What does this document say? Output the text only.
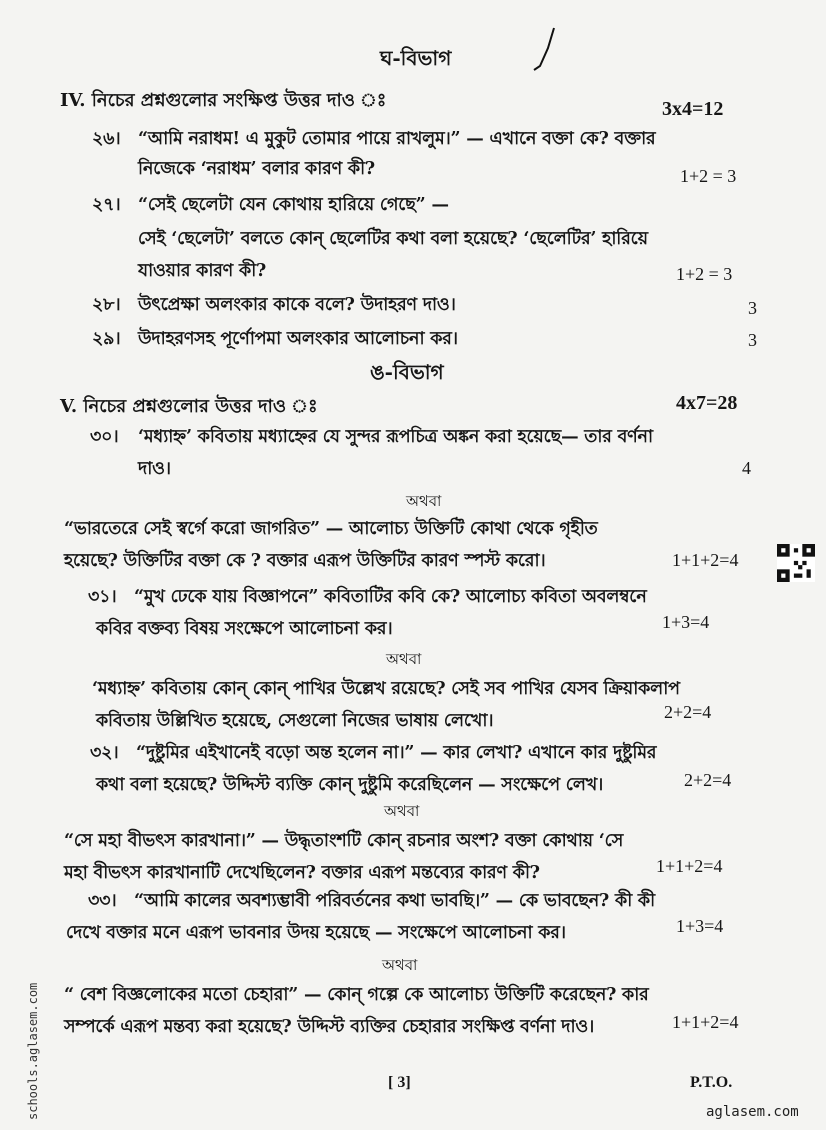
ঘ-বিভাগ
IV. নিচের প্রশ্নগুলোর সংক্ষিপ্ত উত্তর দাও ঃ	3x4=12
২৬। “আমি নরাধম! এ মুকুট তোমার পায়ে রাখলুম।” — এখানে বক্তা কে? বক্তার
নিজেকে ‘নরাধম’ বলার কারণ কী?	1+2 = 3
২৭। “সেই ছেলেটা যেন কোথায় হারিয়ে গেছে” —
সেই ‘ছেলেটা’ বলতে কোন্ ছেলেটির কথা বলা হয়েছে? ‘ছেলেটির’ হারিয়ে
যাওয়ার কারণ কী?	1+2 = 3
২৮। উৎপ্রেক্ষা অলংকার কাকে বলে? উদাহরণ দাও।	3
২৯। উদাহরণসহ পূর্ণোপমা অলংকার আলোচনা কর।	3
ঙ-বিভাগ
V. নিচের প্রশ্নগুলোর উত্তর দাও ঃ	4x7=28
৩০। ‘মধ্যাহ্ন’ কবিতায় মধ্যাহ্নের যে সুন্দর রূপচিত্র অঙ্কন করা হয়েছে— তার বর্ণনা
দাও।	4
অথবা
“ভারতেরে সেই স্বর্গে করো জাগরিত” — আলোচ্য উক্তিটি কোথা থেকে গৃহীত
হয়েছে? উক্তিটির বক্তা কে ? বক্তার এরূপ উক্তিটির কারণ স্পস্ট করো।	1+1+2=4
৩১। “মুখ ঢেকে যায় বিজ্ঞাপনে” কবিতাটির কবি কে? আলোচ্য কবিতা অবলম্বনে
কবির বক্তব্য বিষয় সংক্ষেপে আলোচনা কর।	1+3=4
অথবা
‘মধ্যাহ্ন’ কবিতায় কোন্ কোন্ পাখির উল্লেখ রয়েছে? সেই সব পাখির যেসব ক্রিয়াকলাপ
কবিতায় উল্লিখিত হয়েছে, সেগুলো নিজের ভাষায় লেখো।	2+2=4
৩২। “দুষ্টুমির এইখানেই বড়ো অন্ত হলেন না।” — কার লেখা? এখানে কার দুষ্টুমির
কথা বলা হয়েছে? উদ্দিস্ট ব্যক্তি কোন্ দুষ্টুমি করেছিলেন — সংক্ষেপে লেখ।	2+2=4
অথবা
“সে মহা বীভৎস কারখানা।” — উদ্ধৃতাংশটি কোন্ রচনার অংশ? বক্তা কোথায় ‘সে
মহা বীভৎস কারখানাটি দেখেছিলেন? বক্তার এরূপ মন্তব্যের কারণ কী?	1+1+2=4
৩৩। “আমি কালের অবশ্যম্ভাবী পরিবর্তনের কথা ভাবছি।” — কে ভাবছেন? কী কী
দেখে বক্তার মনে এরূপ ভাবনার উদয় হয়েছে — সংক্ষেপে আলোচনা কর।	1+3=4
অথবা
“ বেশ বিজ্ঞলোকের মতো চেহারা” — কোন্ গল্পে কে আলোচ্য উক্তিটি করেছেন? কার
সম্পর্কে এরূপ মন্তব্য করা হয়েছে? উদ্দিস্ট ব্যক্তির চেহারার সংক্ষিপ্ত বর্ণনা দাও।	1+1+2=4
[ 3]	P.T.O.
aglasem.com
schools.aglasem.com
